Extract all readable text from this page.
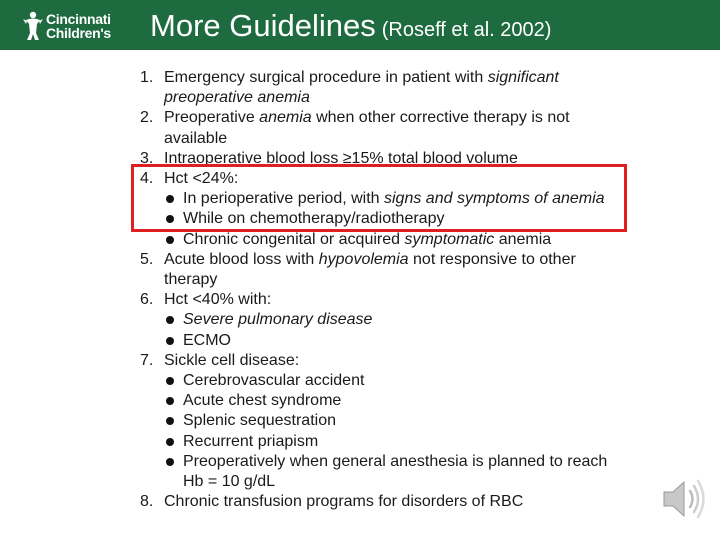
Cincinnati
Children's More Guidelines (Roseff et al. 2002)
1. Emergency surgical procedure in patient with significant preoperative anemia
2. Preoperative anemia when other corrective therapy is not available
3. Intraoperative blood loss ≥15% total blood volume
4. Hct <24%:
In perioperative period, with signs and symptoms of anemia
While on chemotherapy/radiotherapy
Chronic congenital or acquired symptomatic anemia
5. Acute blood loss with hypovolemia not responsive to other therapy
6. Hct <40% with:
Severe pulmonary disease
ECMO
7. Sickle cell disease:
Cerebrovascular accident
Acute chest syndrome
Splenic sequestration
Recurrent priapism
Preoperatively when general anesthesia is planned to reach Hb = 10 g/dL
8. Chronic transfusion programs for disorders of RBC
